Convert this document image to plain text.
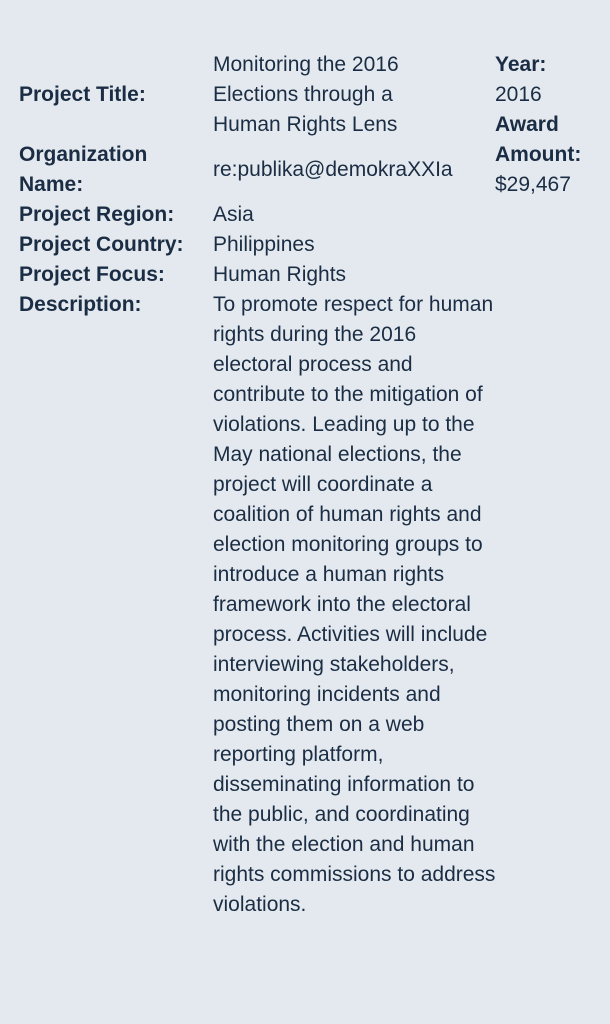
Project Title:
Organization
Name:
Project Region:
Project Country:
Project Focus:
Description:
Monitoring the 2016 Elections through a Human Rights Lens
re:publika@demokraXXIa
Asia
Philippines
Human Rights
To promote respect for human rights during the 2016 electoral process and contribute to the mitigation of violations. Leading up to the May national elections, the project will coordinate a coalition of human rights and election monitoring groups to introduce a human rights framework into the electoral process. Activities will include interviewing stakeholders, monitoring incidents and posting them on a web reporting platform, disseminating information to the public, and coordinating with the election and human rights commissions to address violations.
Year:
2016
Award
Amount:
$29,467
